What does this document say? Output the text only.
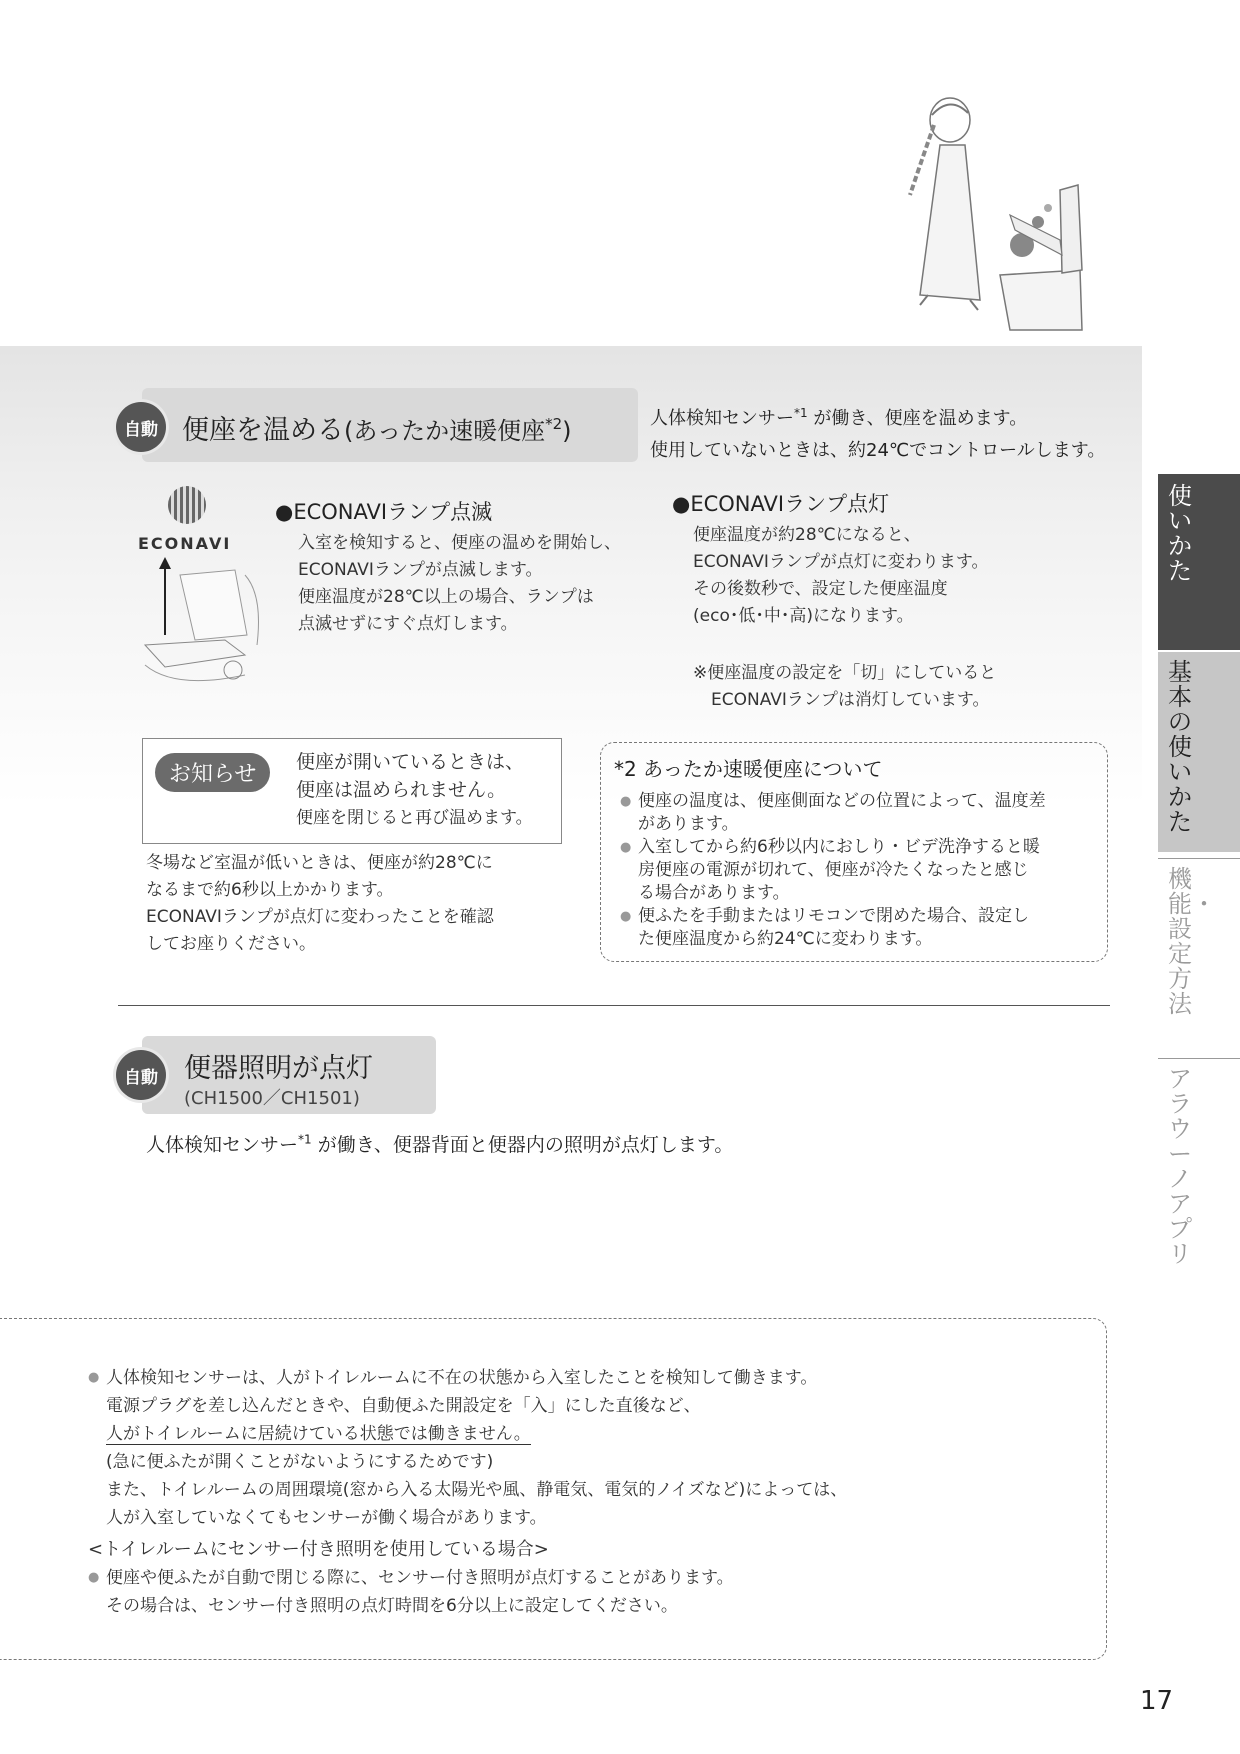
使いかた
基本の使いかた
機能・設定方法
アラウーノアプリ
自動 便座を温める(あったか速暖便座$^{*2}$)	人体検知センサー$^{*1}$ が働き、便座を温めます。
使用していないときは、約24℃でコントロールします。
ECONAVI
●ECONAVIランプ点滅
入室を検知すると、便座の温めを開始し、
ECONAVIランプが点滅します。
便座温度が28℃以上の場合、ランプは
点滅せずにすぐ点灯します。
●ECONAVIランプ点灯
便座温度が約28℃になると、
ECONAVIランプが点灯に変わります。
その後数秒で、設定した便座温度
(eco･低･中･高)になります。
※便座温度の設定を「切」にしていると
ECONAVIランプは消灯しています。
お知らせ	便座が開いているときは、
便座は温められません。
便座を閉じると再び温めます。
冬場など室温が低いときは、便座が約28℃に
なるまで約6秒以上かかります。
ECONAVIランプが点灯に変わったことを確認
してお座りください。
*2 あったか速暖便座について
● 便座の温度は、便座側面などの位置によって、温度差
があります。
● 入室してから約6秒以内におしり・ビデ洗浄すると暖
房便座の電源が切れて、便座が冷たくなったと感じ
る場合があります。
● 便ふたを手動またはリモコンで閉めた場合、設定し
た便座温度から約24℃に変わります。
自動 便器照明が点灯
(CH1500／CH1501)
人体検知センサー$^{*1}$ が働き、便器背面と便器内の照明が点灯します。
● 人体検知センサーは、人がトイレルームに不在の状態から入室したことを検知して働きます。
電源プラグを差し込んだときや、自動便ふた開設定を「入」にした直後など、
人がトイレルームに居続けている状態では働きません。
(急に便ふたが開くことがないようにするためです)
また、トイレルームの周囲環境(窓から入る太陽光や風、静電気、電気的ノイズなど)によっては、
人が入室していなくてもセンサーが働く場合があります。
<トイレルームにセンサー付き照明を使用している場合>
● 便座や便ふたが自動で閉じる際に、センサー付き照明が点灯することがあります。
その場合は、センサー付き照明の点灯時間を6分以上に設定してください。
17
